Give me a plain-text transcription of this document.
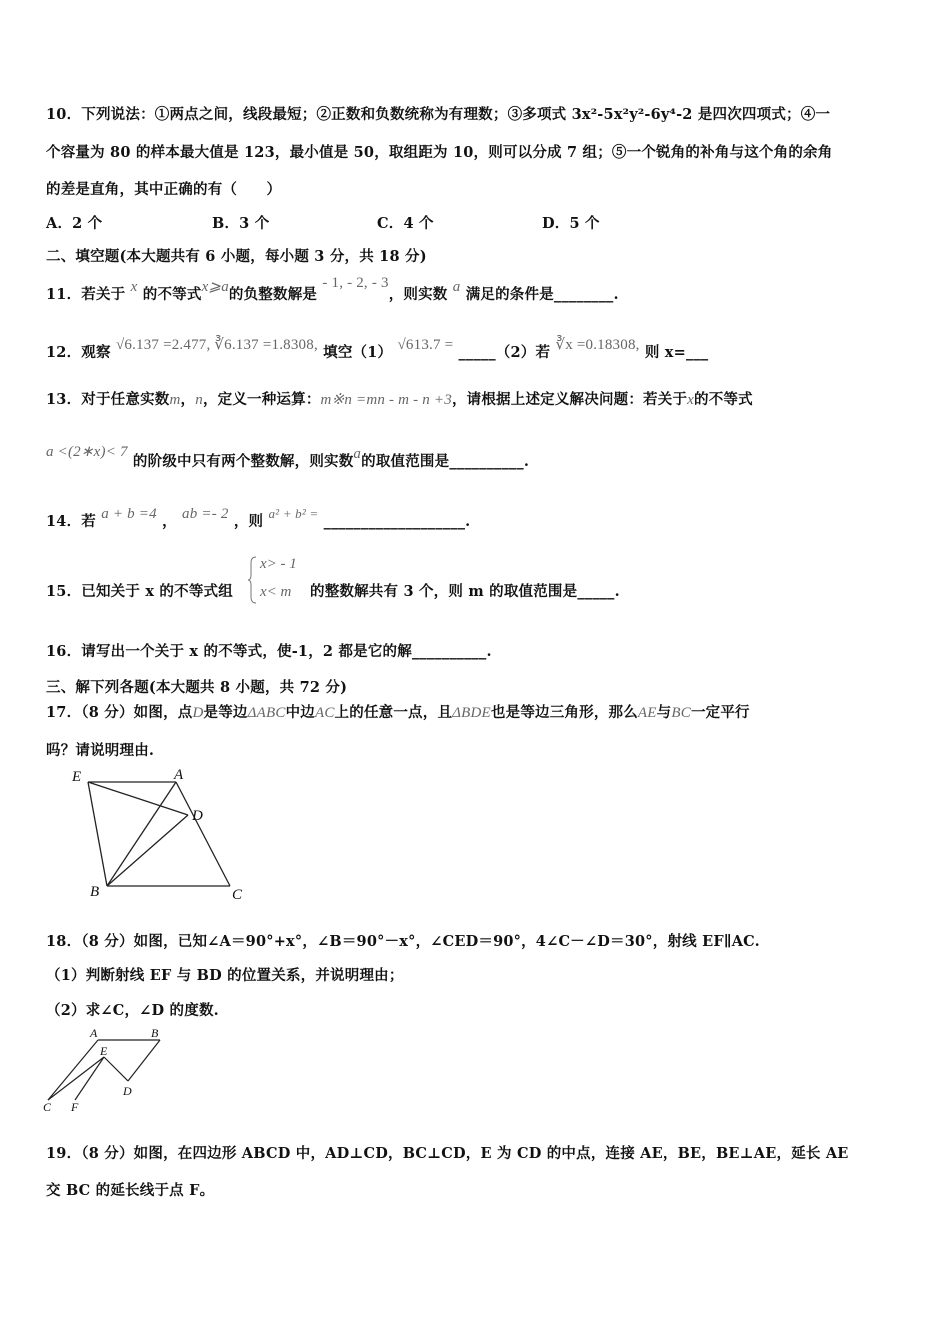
10．下列说法：①两点之间，线段最短；②正数和负数统称为有理数；③多项式 3x²-5x²y²-6y⁴-2 是四次四项式；④一
个容量为 80 的样本最大值是 123，最小值是 50，取组距为 10，则可以分成 7 组；⑤一个锐角的补角与这个角的余角
的差是直角，其中正确的有（　　）
A．2 个	B．3 个	C．4 个	D．5 个
二、填空题(本大题共有 6 小题，每小题 3 分，共 18 分)
11．若关于 x 的不等式x⩾a的负整数解是 - 1, - 2, - 3，则实数 a 满足的条件是________.
12．观察 √6.137 =2.477, ∛6.137 =1.8308, 填空（1） √613.7 = _____（2）若 ∛x =0.18308, 则 x=___
13．对于任意实数m，n，定义一种运算：m※n =mn - m - n +3，请根据上述定义解决问题：若关于x的不等式
a <(2∗x)< 7 的阶级中只有两个整数解，则实数a的取值范围是__________.
14．若 a + b =4 ， ab =- 2 ，则 a² + b² = ___________________.
15．已知关于 x 的不等式组
x> - 1
x< m 的整数解共有 3 个，则 m 的取值范围是_____.
16．请写出一个关于 x 的不等式，使-1，2 都是它的解__________.
三、解下列各题(本大题共 8 小题，共 72 分)
17．（8 分）如图，点D是等边ΔABC中边AC上的任意一点，且ΔBDE也是等边三角形，那么AE与BC一定平行
吗？请说明理由.
E	A
D
B	C
18．（8 分）如图，已知∠A＝90°+x°，∠B＝90°－x°，∠CED＝90°，4∠C－∠D＝30°，射线 EF∥AC.
（1）判断射线 EF 与 BD 的位置关系，并说明理由；
（2）求∠C，∠D 的度数.
A	B
E
D
C F
19．（8 分）如图，在四边形 ABCD 中，AD⊥CD，BC⊥CD，E 为 CD 的中点，连接 AE，BE，BE⊥AE，延长 AE
交 BC 的延长线于点 F。
